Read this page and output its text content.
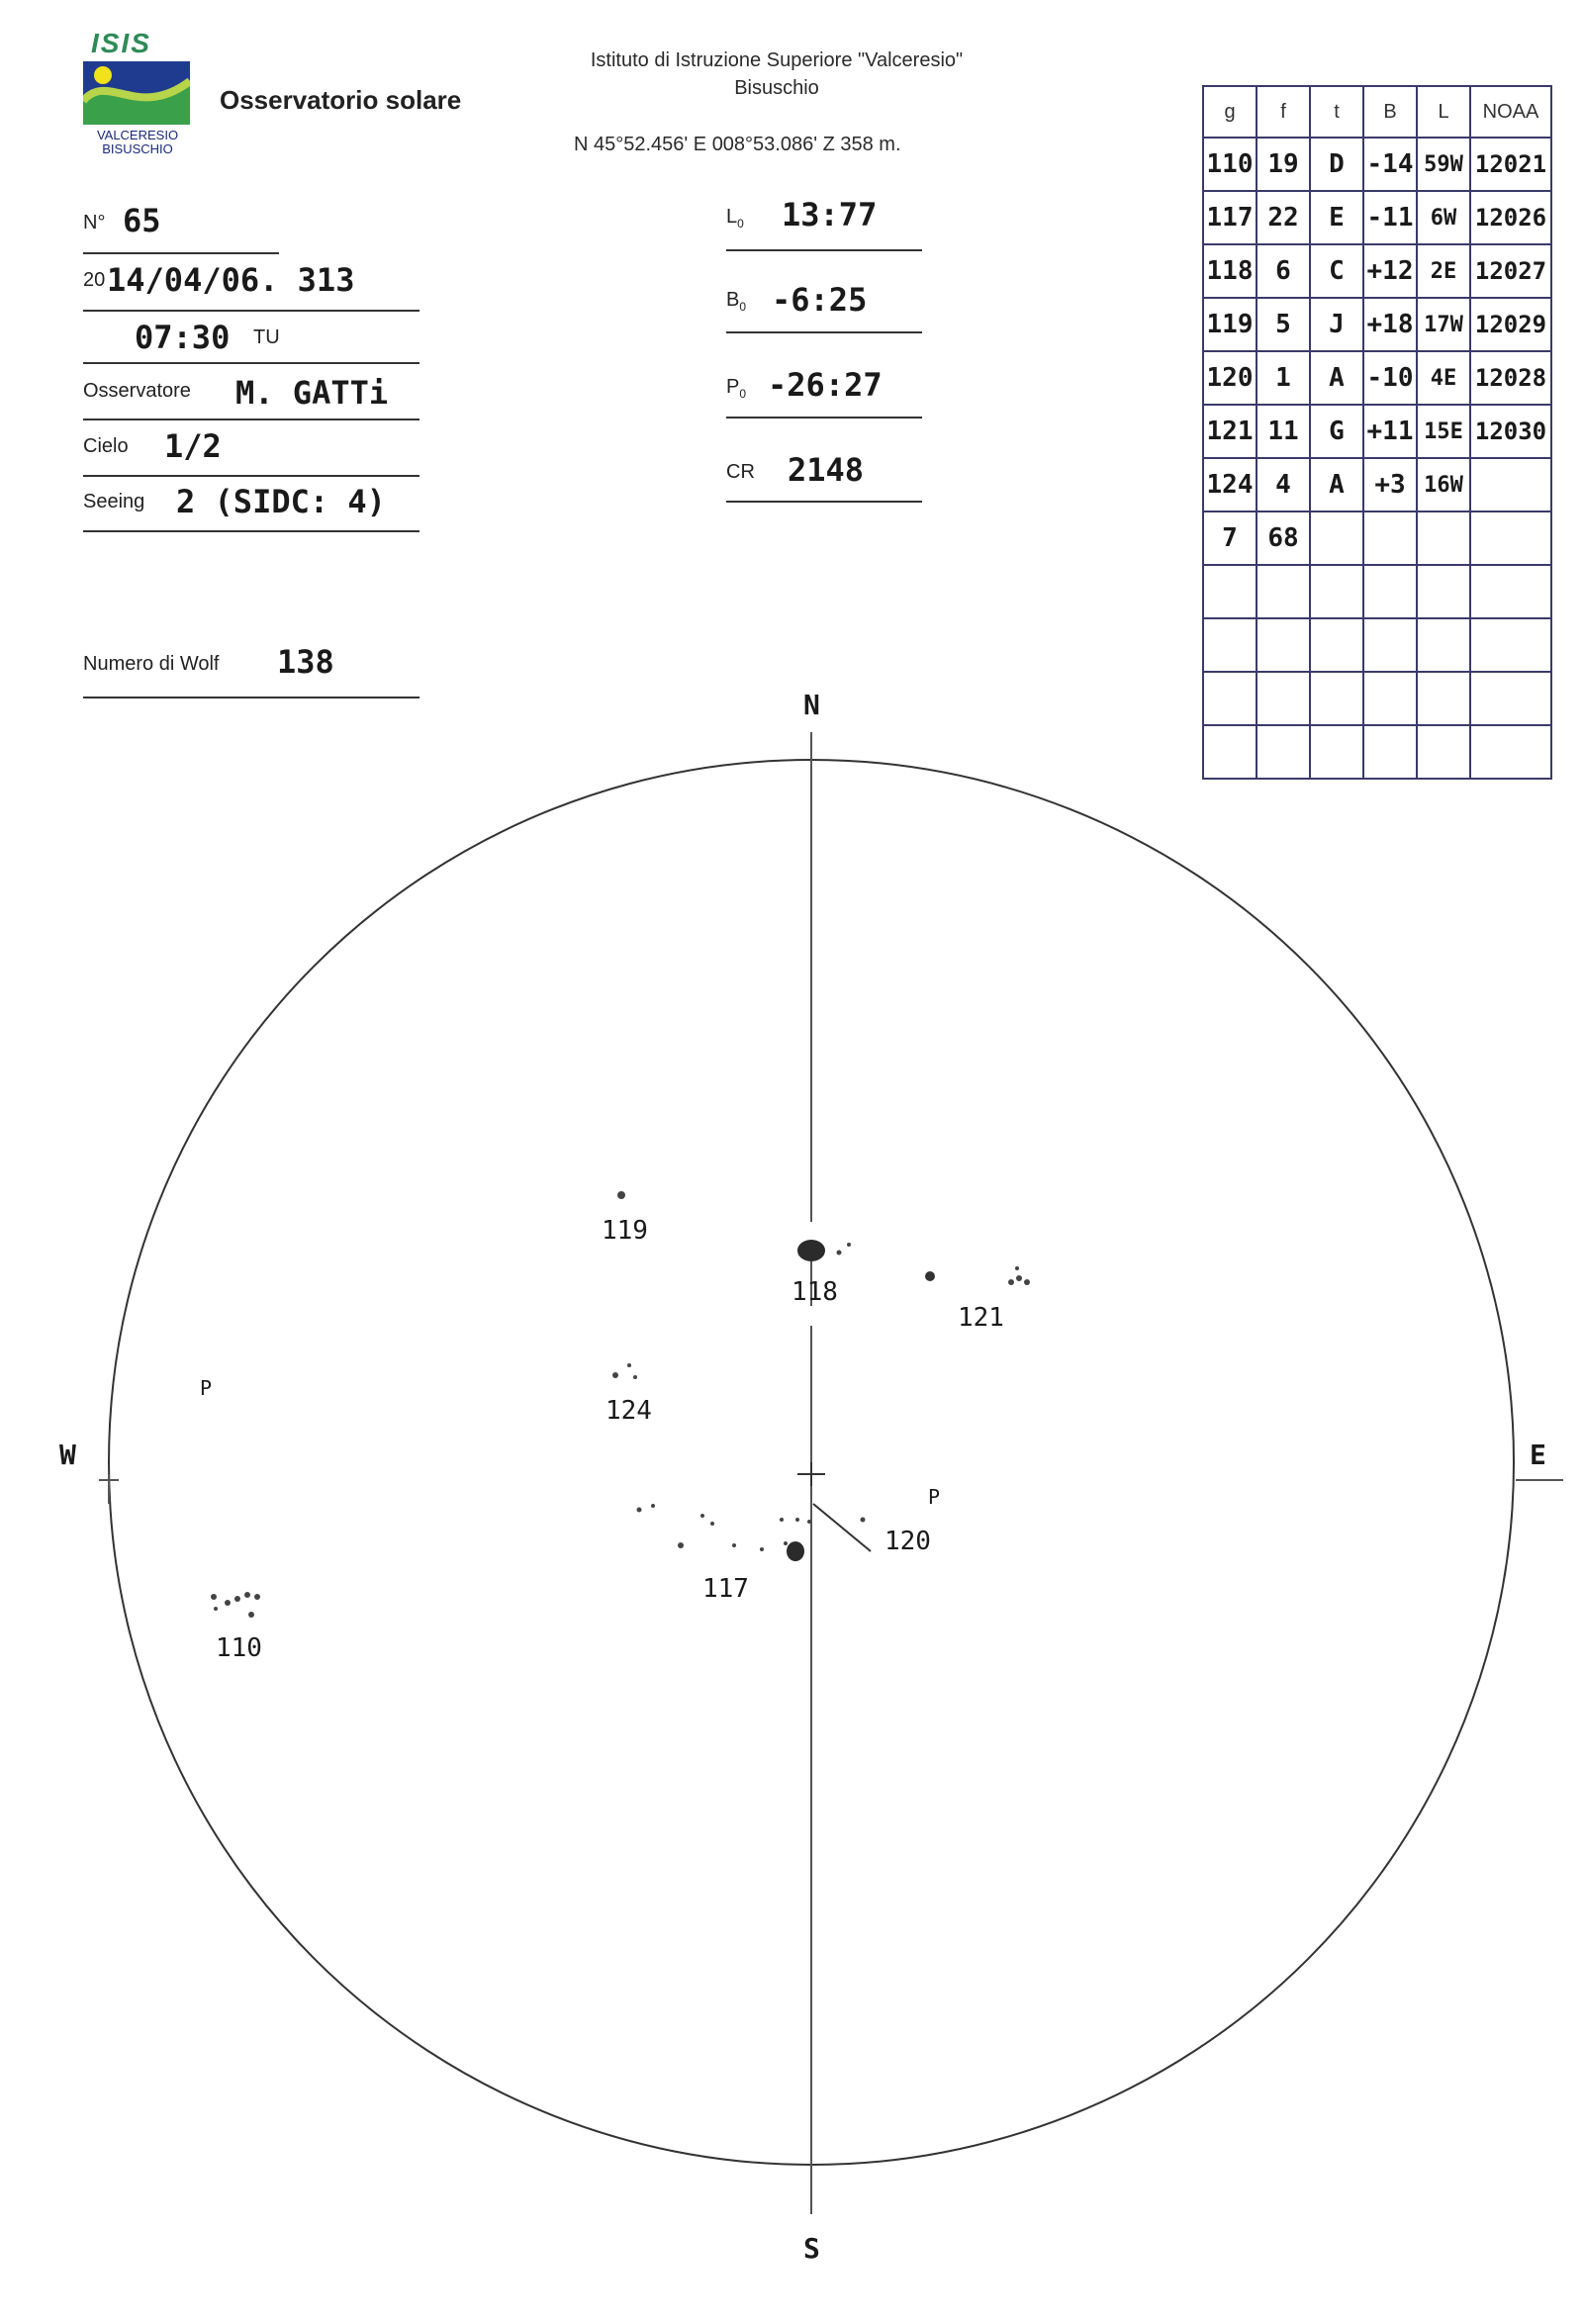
ISIS
VALCERESIO
BISUSCHIO
Osservatorio solare
Istituto di Istruzione Superiore "Valceresio"
Bisuschio
N 45°52.456' E 008°53.086' Z 358 m.
N° 65
20 14/04/06. 313
07:30 TU
Osservatore M. GATTi
Cielo 1/2
Seeing 2 (SIDC: 4)
Numero di Wolf 138
$L_0$ 13:77
$B_0$ -6:25
$P_0$ -26:27
CR 2148
g	f	t	B	L	NOAA
110	19	D	-14	59W	12021
117	22	E	-11	6W	12026
118	6	C	+12	2E	12027
119	5	J	+18	17W	12029
120	1	A	-10	4E	12028
121	11	G	+11	15E	12030
124	4	A	+3	16W	
7	68				

N
S
W	E
119
118
121
124
117
120
P
110
P
